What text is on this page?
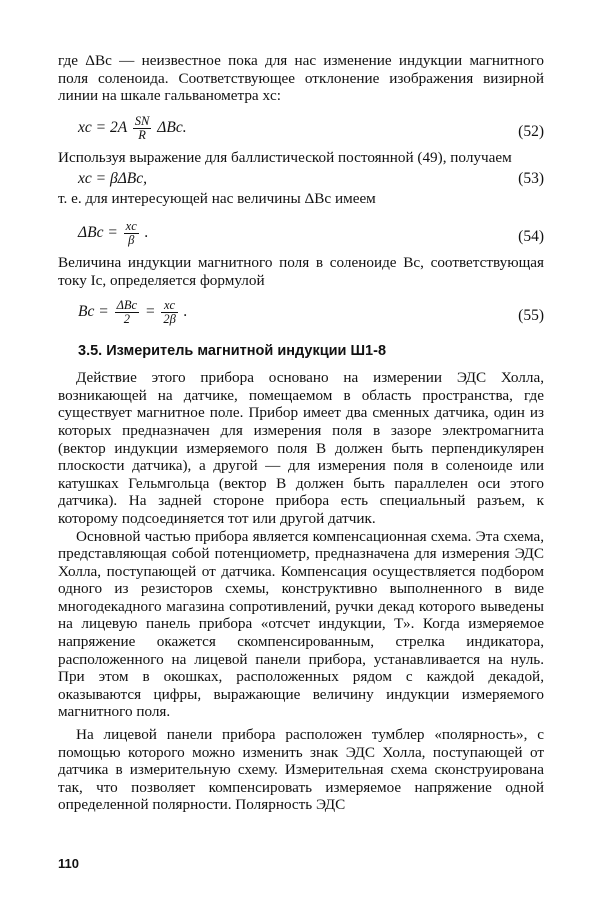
где ΔBc — неизвестное пока для нас изменение индукции магнитного поля соленоида. Соответствующее отклонение изображения визирной линии на шкале гальванометра xc:

xc = $2A \frac{SN}{R} \Delta Bc$.	(52)

Используя выражение для баллистической постоянной (49), получаем

xc = βΔBc,	(53)

т. е. для интересующей нас величины ΔBc имеем

$\Delta Bc = \frac{xc}{\beta}$ .	(54)

Величина индукции магнитного поля в соленоиде Bc, соответствующая току Ic, определяется формулой

$Bc = \frac{\text{ΔBc}}{2} = \frac{xc}{2\beta}$ .	(55)

3.5. Измеритель магнитной индукции Ш1-8

Действие этого прибора основано на измерении ЭДС Холла, возникающей на датчике, помещаемом в область пространства, где существует магнитное поле. Прибор имеет два сменных датчика, один из которых предназначен для измерения поля в зазоре электромагнита (вектор индукции измеряемого поля B должен быть перпендикулярен плоскости датчика), а другой — для измерения поля в соленоиде или катушках Гельмгольца (вектор B должен быть параллелен оси этого датчика). На задней стороне прибора есть специальный разъем, к которому подсоединяется тот или другой датчик.

Основной частью прибора является компенсационная схема. Эта схема, представляющая собой потенциометр, предназначена для измерения ЭДС Холла, поступающей от датчика. Компенсация осуществляется подбором одного из резисторов схемы, конструктивно выполненного в виде многодекадного магазина сопротивлений, ручки декад которого выведены на лицевую панель прибора «отсчет индукции, Т». Когда измеряемое напряжение окажется скомпенсированным, стрелка индикатора, расположенного на лицевой панели прибора, устанавливается на нуль. При этом в окошках, расположенных рядом с каждой декадой, оказываются цифры, выражающие величину индукции измеряемого магнитного поля.

На лицевой панели прибора расположен тумблер «полярность», с помощью которого можно изменить знак ЭДС Холла, поступающей от датчика в измерительную схему. Измерительная схема сконструирована так, что позволяет компенсировать измеряемое напряжение одной определенной полярности. Полярность ЭДС

110
